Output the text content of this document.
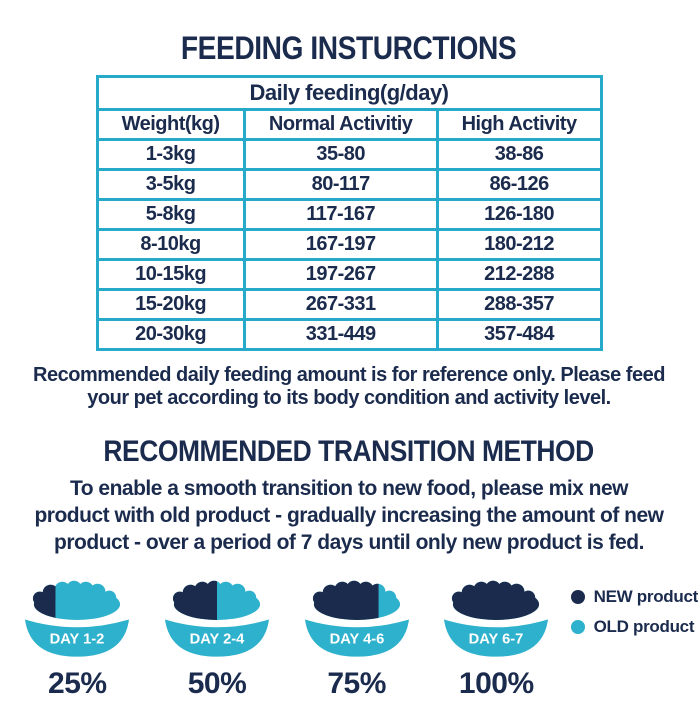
FEEDING INSTURCTIONS
Daily feeding(g/day)		
Weight(kg)	Normal Activitiy	High Activity
1-3kg	35-80	38-86
3-5kg	80-117	86-126
5-8kg	117-167	126-180
8-10kg	167-197	180-212
10-15kg	197-267	212-288
15-20kg	267-331	288-357
20-30kg	331-449	357-484
Recommended daily feeding amount is for reference only. Please feed
your pet according to its body condition and activity level.
RECOMMENDED TRANSITION METHOD
To enable a smooth transition to new food, please mix new
product with old product - gradually increasing the amount of new
product - over a period of 7 days until only new product is fed.
DAY 1-2
25%
DAY 2-4
50%
DAY 4-6
75%
DAY 6-7
100%
NEW product
OLD product
